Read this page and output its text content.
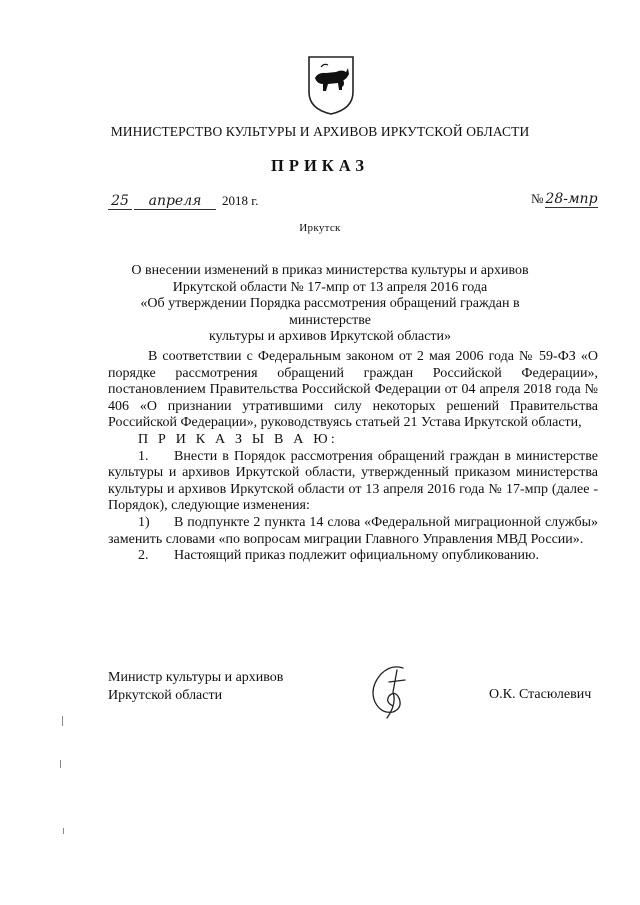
МИНИСТЕРСТВО КУЛЬТУРЫ И АРХИВОВ ИРКУТСКОЙ ОБЛАСТИ
ПРИКАЗ
25	апреля	2018 г.	№ 28-мпр
Иркутск
О внесении изменений в приказ министерства культуры и архивов
Иркутской области № 17-мпр от 13 апреля 2016 года
«Об утверждении Порядка рассмотрения обращений граждан в министерстве
культуры и архивов Иркутской области»

В соответствии с Федеральным законом от 2 мая 2006 года № 59-ФЗ «О порядке рассмотрения обращений граждан Российской Федерации», постановлением Правительства Российской Федерации от 04 апреля 2018 года № 406 «О признании утратившими силу некоторых решений Правительства Российской Федерации», руководствуясь статьей 21 Устава Иркутской области,

П Р И К А З Ы В А Ю:

1. Внести в Порядок рассмотрения обращений граждан в министерстве культуры и архивов Иркутской области, утвержденный приказом министерства культуры и архивов Иркутской области от 13 апреля 2016 года № 17-мпр (далее - Порядок), следующие изменения:

1) В подпункте 2 пункта 14 слова «Федеральной миграционной службы» заменить словами «по вопросам миграции Главного Управления МВД России».

2. Настоящий приказ подлежит официальному опубликованию.

Министр культуры и архивов
Иркутской области	О.К. Стасюлевич
